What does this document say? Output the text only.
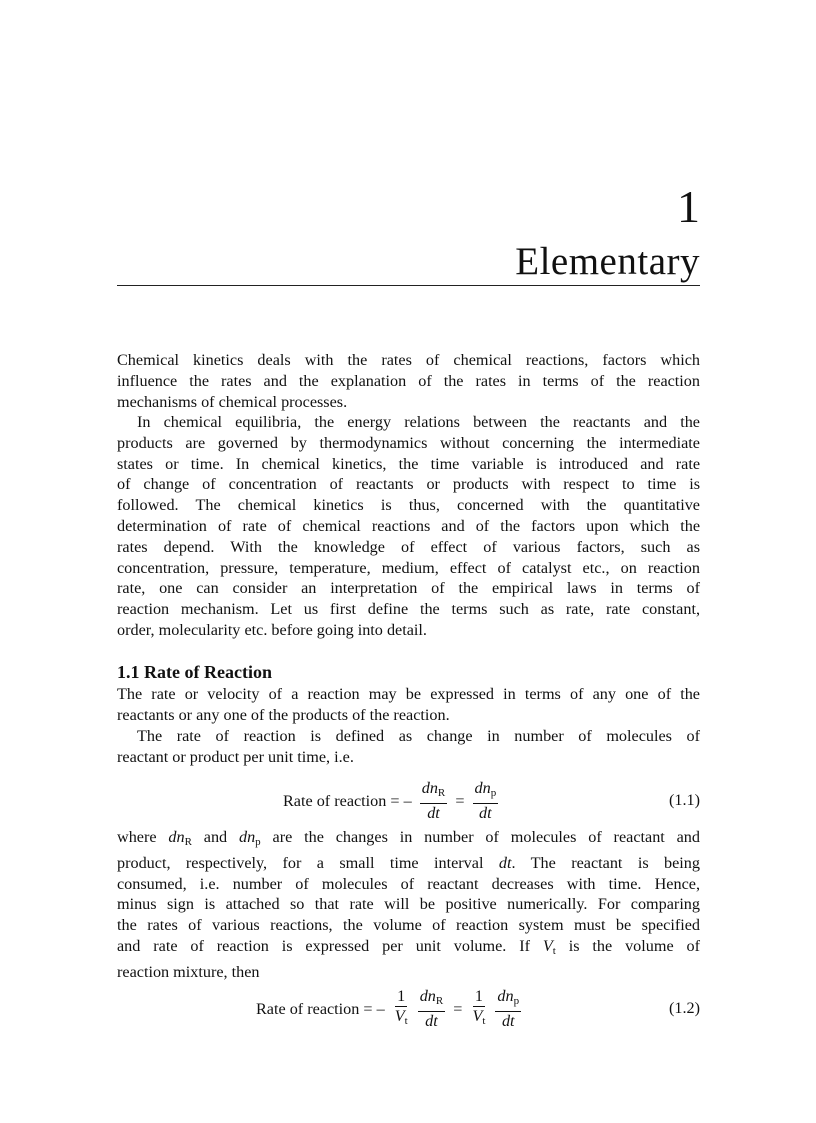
1
Elementary
Chemical kinetics deals with the rates of chemical reactions, factors which
influence the rates and the explanation of the rates in terms of the reaction
mechanisms of chemical processes.
In chemical equilibria, the energy relations between the reactants and the
products are governed by thermodynamics without concerning the intermediate
states or time. In chemical kinetics, the time variable is introduced and rate
of change of concentration of reactants or products with respect to time is
followed. The chemical kinetics is thus, concerned with the quantitative
determination of rate of chemical reactions and of the factors upon which the
rates depend. With the knowledge of effect of various factors, such as
concentration, pressure, temperature, medium, effect of catalyst etc., on reaction
rate, one can consider an interpretation of the empirical laws in terms of
reaction mechanism. Let us first define the terms such as rate, rate constant,
order, molecularity etc. before going into detail.
1.1 Rate of Reaction
The rate or velocity of a reaction may be expressed in terms of any one of the
reactants or any one of the products of the reaction.
The rate of reaction is defined as change in number of molecules of
reactant or product per unit time, i.e.
Rate of reaction = – $\frac{dn_R}{dt} = \frac{dn_p}{dt}$	(1.1)
where $dn_R$ and $dn_p$ are the changes in number of molecules of reactant and
product, respectively, for a small time interval dt. The reactant is being
consumed, i.e. number of molecules of reactant decreases with time. Hence,
minus sign is attached so that rate will be positive numerically. For comparing
the rates of various reactions, the volume of reaction system must be specified
and rate of reaction is expressed per unit volume. If $V_t$ is the volume of
reaction mixture, then
Rate of reaction = – $\frac{1}{V_t} \frac{dn_R}{dt} = \frac{1}{V_t} \frac{dn_p}{dt}$	(1.2)
